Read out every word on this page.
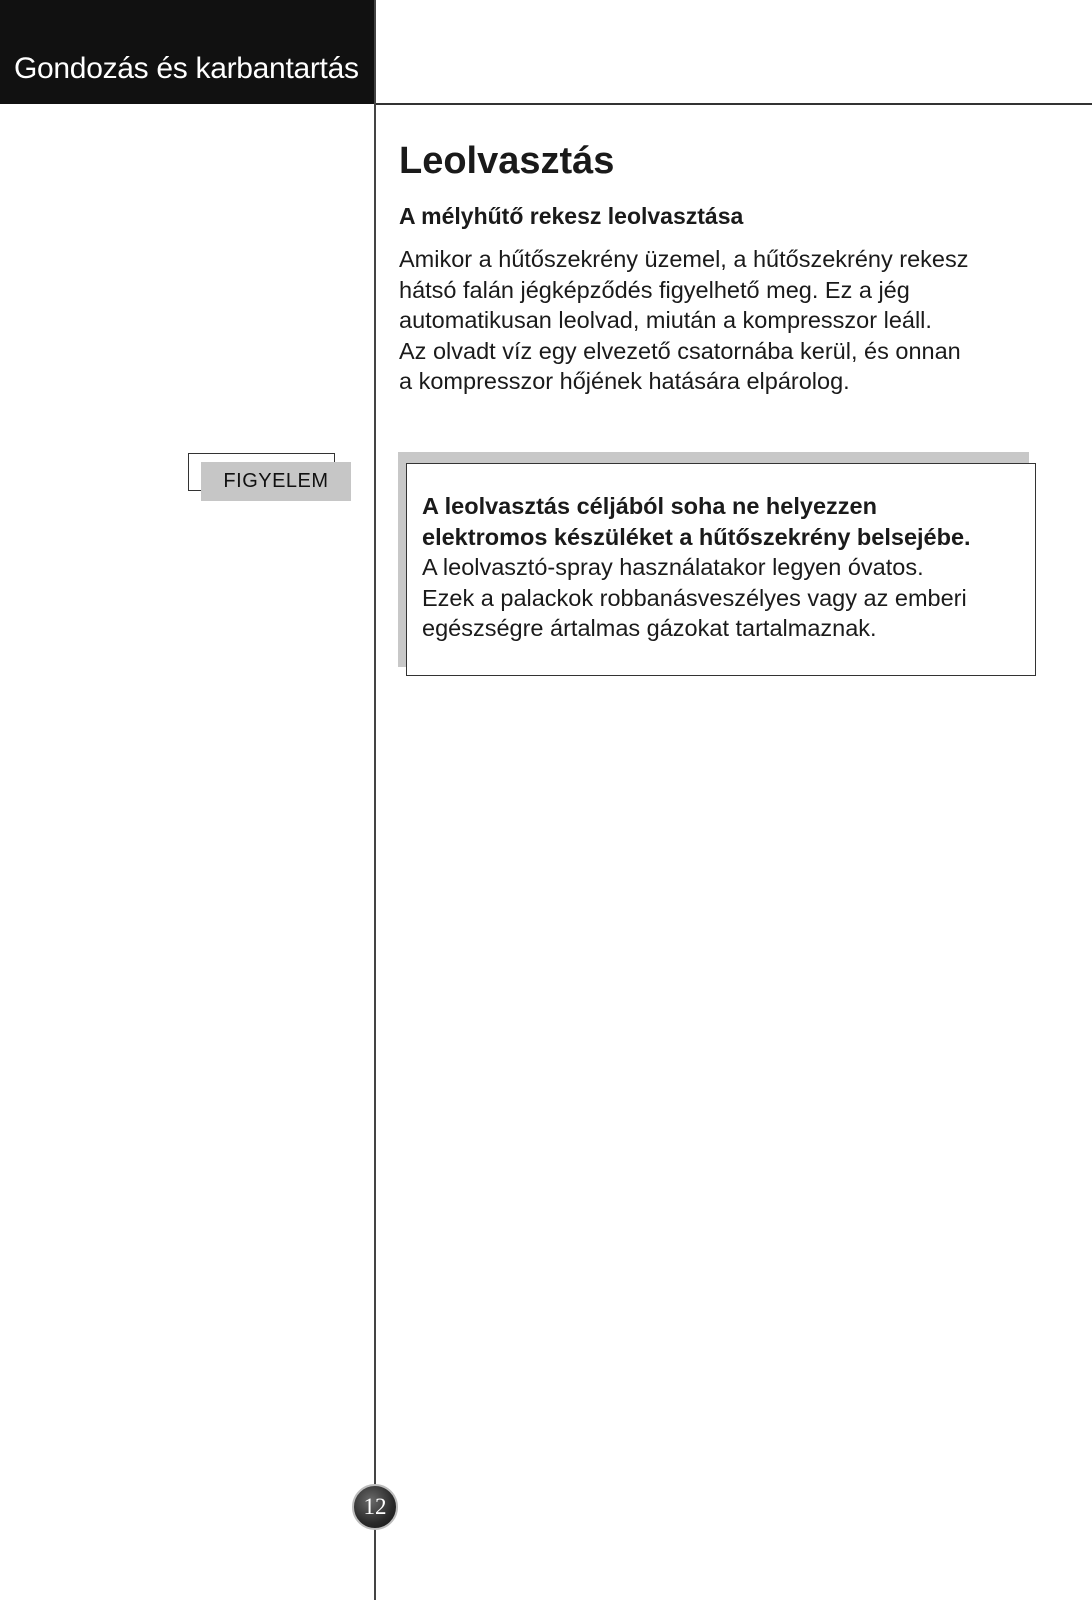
Gondozás és karbantartás
Leolvasztás
A mélyhűtő rekesz leolvasztása
Amikor a hűtőszekrény üzemel, a hűtőszekrény rekesz
hátsó falán jégképződés figyelhető meg. Ez a jég
automatikusan leolvad, miután a kompresszor leáll.
Az olvadt víz egy elvezető csatornába kerül, és onnan
a kompresszor hőjének hatására elpárolog.
FIGYELEM
A leolvasztás céljából soha ne helyezzen
elektromos készüléket a hűtőszekrény belsejébe.
A leolvasztó-spray használatakor legyen óvatos.
Ezek a palackok robbanásveszélyes vagy az emberi
egészségre ártalmas gázokat tartalmaznak.
12
